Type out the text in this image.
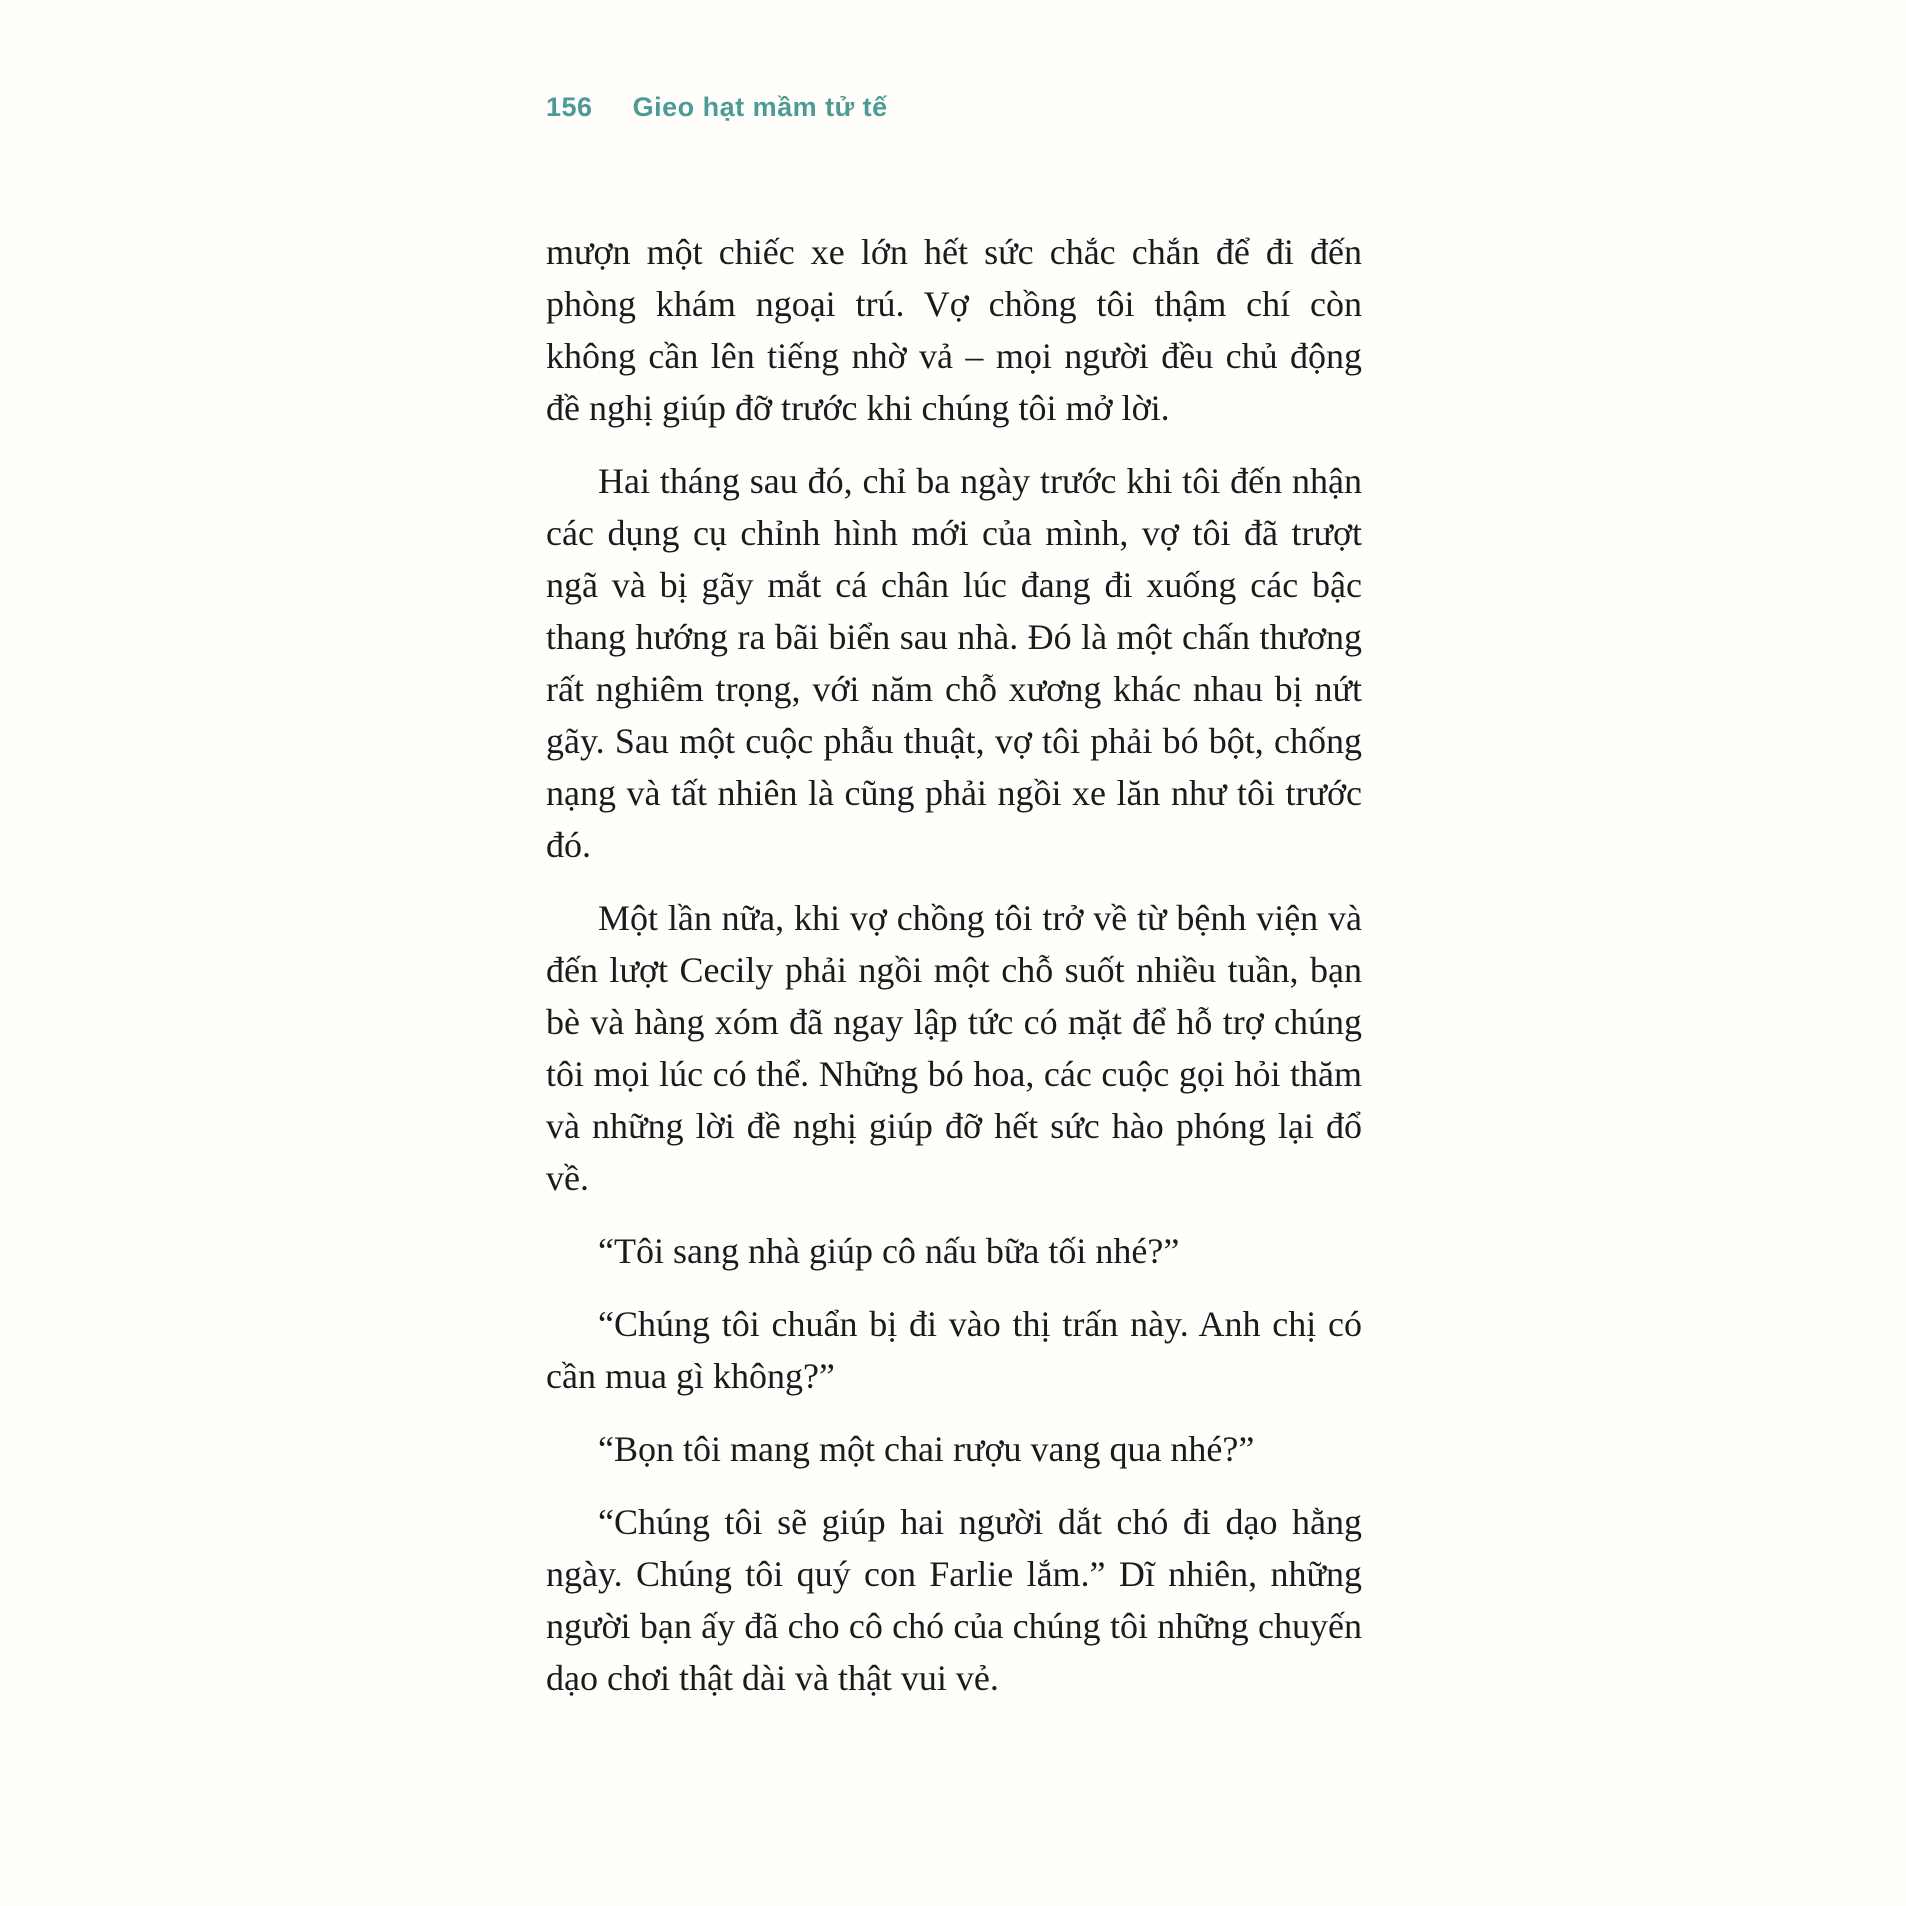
156 Gieo hạt mầm tử tế

mượn một chiếc xe lớn hết sức chắc chắn để đi đến phòng khám ngoại trú. Vợ chồng tôi thậm chí còn không cần lên tiếng nhờ vả – mọi người đều chủ động đề nghị giúp đỡ trước khi chúng tôi mở lời.

Hai tháng sau đó, chỉ ba ngày trước khi tôi đến nhận các dụng cụ chỉnh hình mới của mình, vợ tôi đã trượt ngã và bị gãy mắt cá chân lúc đang đi xuống các bậc thang hướng ra bãi biển sau nhà. Đó là một chấn thương rất nghiêm trọng, với năm chỗ xương khác nhau bị nứt gãy. Sau một cuộc phẫu thuật, vợ tôi phải bó bột, chống nạng và tất nhiên là cũng phải ngồi xe lăn như tôi trước đó.

Một lần nữa, khi vợ chồng tôi trở về từ bệnh viện và đến lượt Cecily phải ngồi một chỗ suốt nhiều tuần, bạn bè và hàng xóm đã ngay lập tức có mặt để hỗ trợ chúng tôi mọi lúc có thể. Những bó hoa, các cuộc gọi hỏi thăm và những lời đề nghị giúp đỡ hết sức hào phóng lại đổ về.

“Tôi sang nhà giúp cô nấu bữa tối nhé?”

“Chúng tôi chuẩn bị đi vào thị trấn này. Anh chị có cần mua gì không?”

“Bọn tôi mang một chai rượu vang qua nhé?”

“Chúng tôi sẽ giúp hai người dắt chó đi dạo hằng ngày. Chúng tôi quý con Farlie lắm.” Dĩ nhiên, những người bạn ấy đã cho cô chó của chúng tôi những chuyến dạo chơi thật dài và thật vui vẻ.
